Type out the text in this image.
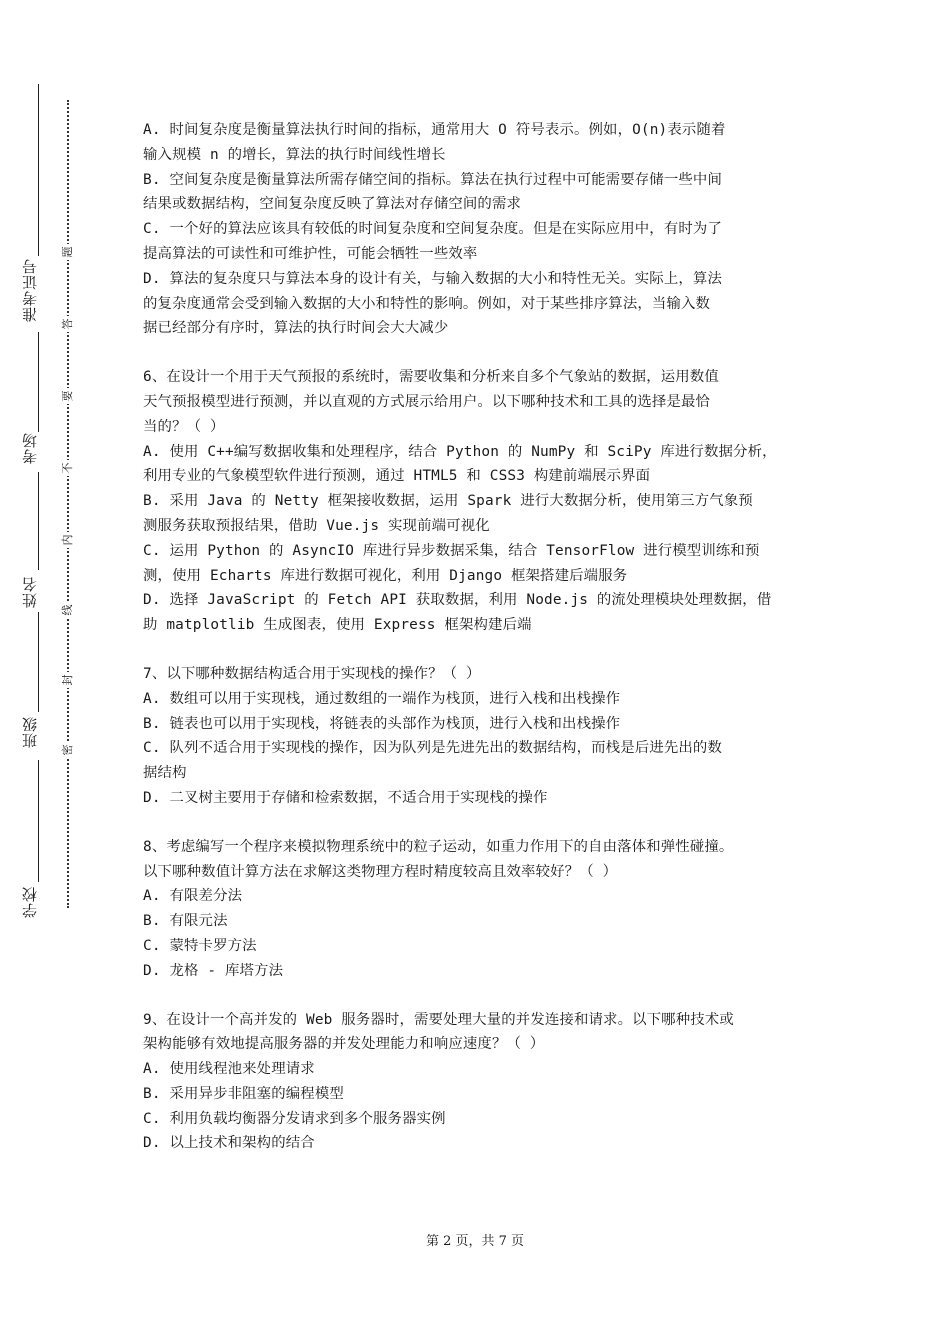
准考证号
考场
姓名
班级
学校
题
答
要
不
内
线
封
密
A. 时间复杂度是衡量算法执行时间的指标，通常用大 O 符号表示。例如，O(n)表示随着
输入规模 n 的增长，算法的执行时间线性增长
B. 空间复杂度是衡量算法所需存储空间的指标。算法在执行过程中可能需要存储一些中间
结果或数据结构，空间复杂度反映了算法对存储空间的需求
C. 一个好的算法应该具有较低的时间复杂度和空间复杂度。但是在实际应用中，有时为了
提高算法的可读性和可维护性，可能会牺牲一些效率
D. 算法的复杂度只与算法本身的设计有关，与输入数据的大小和特性无关。实际上，算法
的复杂度通常会受到输入数据的大小和特性的影响。例如，对于某些排序算法，当输入数
据已经部分有序时，算法的执行时间会大大减少
6、在设计一个用于天气预报的系统时，需要收集和分析来自多个气象站的数据，运用数值
天气预报模型进行预测，并以直观的方式展示给用户。以下哪种技术和工具的选择是最恰
当的？（ ）
A. 使用 C++编写数据收集和处理程序，结合 Python 的 NumPy 和 SciPy 库进行数据分析，
利用专业的气象模型软件进行预测，通过 HTML5 和 CSS3 构建前端展示界面
B. 采用 Java 的 Netty 框架接收数据，运用 Spark 进行大数据分析，使用第三方气象预
测服务获取预报结果，借助 Vue.js 实现前端可视化
C. 运用 Python 的 AsyncIO 库进行异步数据采集，结合 TensorFlow 进行模型训练和预
测，使用 Echarts 库进行数据可视化，利用 Django 框架搭建后端服务
D. 选择 JavaScript 的 Fetch API 获取数据，利用 Node.js 的流处理模块处理数据，借
助 matplotlib 生成图表，使用 Express 框架构建后端
7、以下哪种数据结构适合用于实现栈的操作？（ ）
A. 数组可以用于实现栈，通过数组的一端作为栈顶，进行入栈和出栈操作
B. 链表也可以用于实现栈，将链表的头部作为栈顶，进行入栈和出栈操作
C. 队列不适合用于实现栈的操作，因为队列是先进先出的数据结构，而栈是后进先出的数
据结构
D. 二叉树主要用于存储和检索数据，不适合用于实现栈的操作
8、考虑编写一个程序来模拟物理系统中的粒子运动，如重力作用下的自由落体和弹性碰撞。
以下哪种数值计算方法在求解这类物理方程时精度较高且效率较好？（ ）
A. 有限差分法
B. 有限元法
C. 蒙特卡罗方法
D. 龙格 - 库塔方法
9、在设计一个高并发的 Web 服务器时，需要处理大量的并发连接和请求。以下哪种技术或
架构能够有效地提高服务器的并发处理能力和响应速度？（ ）
A. 使用线程池来处理请求
B. 采用异步非阻塞的编程模型
C. 利用负载均衡器分发请求到多个服务器实例
D. 以上技术和架构的结合
第 2 页，共 7 页
